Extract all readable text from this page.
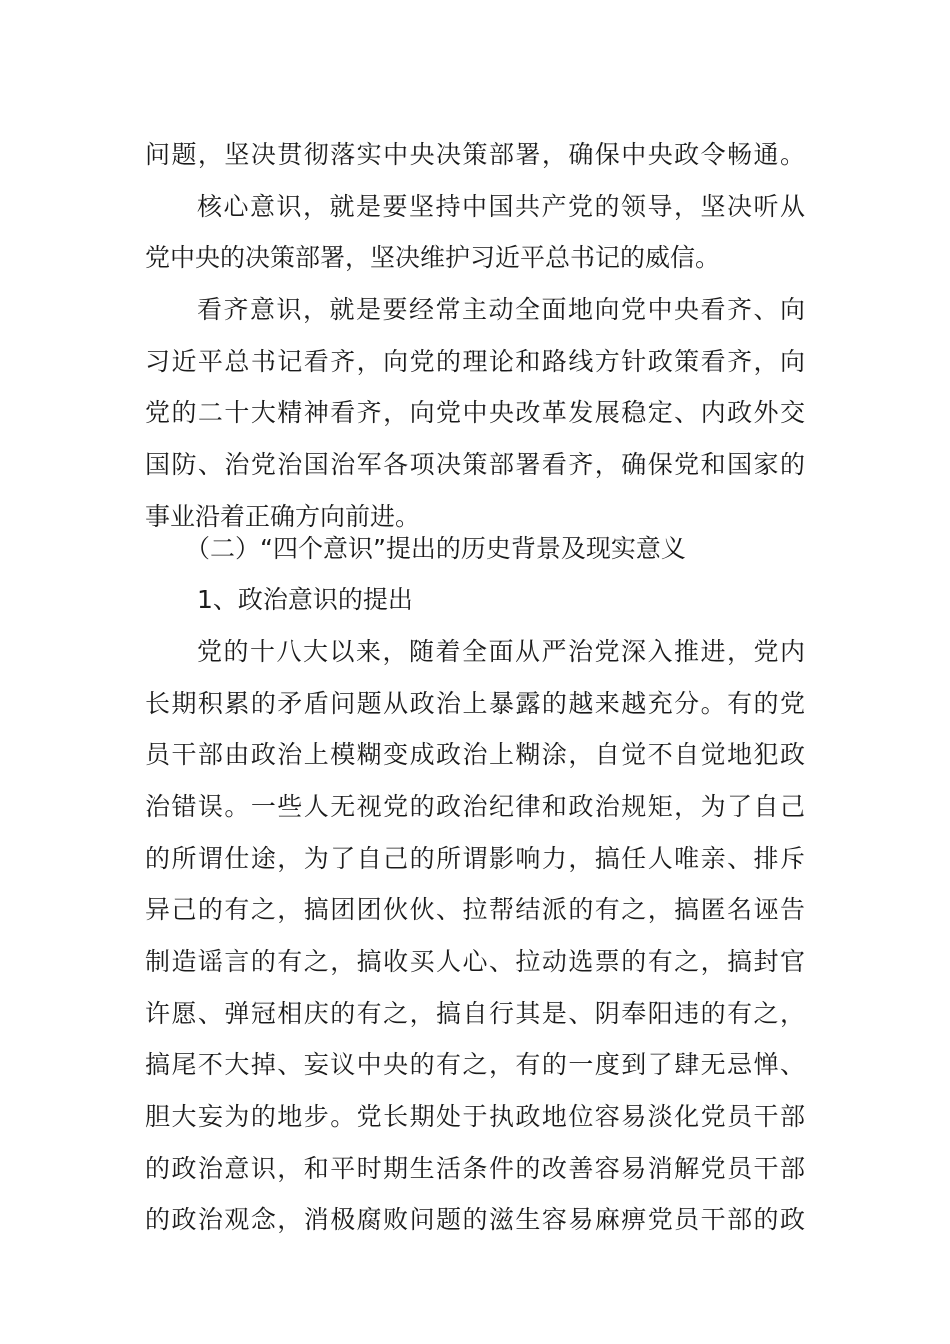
问题，坚决贯彻落实中央决策部署，确保中央政令畅通。
核心意识，就是要坚持中国共产党的领导，坚决听从
党中央的决策部署，坚决维护习近平总书记的威信。
看齐意识，就是要经常主动全面地向党中央看齐、向
习近平总书记看齐，向党的理论和路线方针政策看齐，向
党的二十大精神看齐，向党中央改革发展稳定、内政外交
国防、治党治国治军各项决策部署看齐，确保党和国家的
事业沿着正确方向前进。
（二）“四个意识”提出的历史背景及现实意义
1、政治意识的提出
党的十八大以来，随着全面从严治党深入推进，党内
长期积累的矛盾问题从政治上暴露的越来越充分。有的党
员干部由政治上模糊变成政治上糊涂，自觉不自觉地犯政
治错误。一些人无视党的政治纪律和政治规矩，为了自己
的所谓仕途，为了自己的所谓影响力，搞任人唯亲、排斥
异己的有之，搞团团伙伙、拉帮结派的有之，搞匿名诬告
制造谣言的有之，搞收买人心、拉动选票的有之，搞封官
许愿、弹冠相庆的有之，搞自行其是、阴奉阳违的有之，
搞尾不大掉、妄议中央的有之，有的一度到了肆无忌惮、
胆大妄为的地步。党长期处于执政地位容易淡化党员干部
的政治意识，和平时期生活条件的改善容易消解党员干部
的政治观念，消极腐败问题的滋生容易麻痹党员干部的政
